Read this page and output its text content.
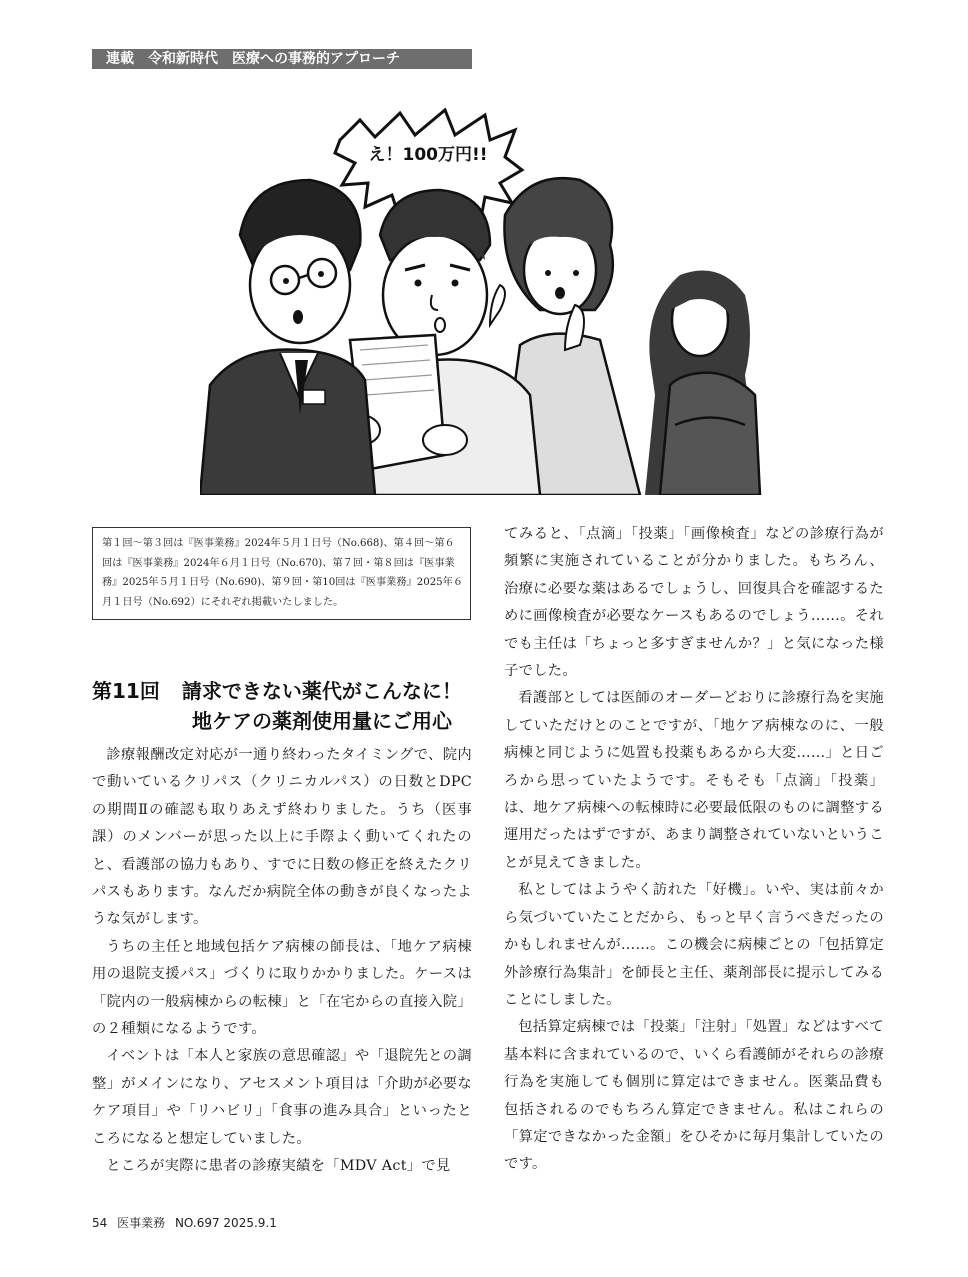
連載　令和新時代　医療への事務的アプローチ
え！100万円!!
第１回〜第３回は『医事業務』2024年５月１日号（No.668)、第４回〜第６回は『医事業務』2024年６月１日号（No.670)、第７回・第８回は『医事業務』2025年５月１日号（No.690)、第９回・第10回は『医事業務』2025年６月１日号（No.692）にそれぞれ掲載いたしました。
第11回 請求できない薬代がこんなに！
地ケアの薬剤使用量にご用心

診療報酬改定対応が一通り終わったタイミングで、院内で動いているクリパス（クリニカルパス）の日数とDPCの期間Ⅱの確認も取りあえず終わりました。うち（医事課）のメンバーが思った以上に手際よく動いてくれたのと、看護部の協力もあり、すでに日数の修正を終えたクリパスもあります。なんだか病院全体の動きが良くなったような気がします。

うちの主任と地域包括ケア病棟の師長は、「地ケア病棟用の退院支援パス」づくりに取りかかりました。ケースは「院内の一般病棟からの転棟」と「在宅からの直接入院」の２種類になるようです。

イベントは「本人と家族の意思確認」や「退院先との調整」がメインになり、アセスメント項目は「介助が必要なケア項目」や「リハビリ」「食事の進み具合」といったところになると想定していました。

ところが実際に患者の診療実績を「MDV Act」で見

てみると、「点滴」「投薬」「画像検査」などの診療行為が頻繁に実施されていることが分かりました。もちろん、治療に必要な薬はあるでしょうし、回復具合を確認するために画像検査が必要なケースもあるのでしょう……。それでも主任は「ちょっと多すぎませんか？」と気になった様子でした。

看護部としては医師のオーダーどおりに診療行為を実施していただけとのことですが、「地ケア病棟なのに、一般病棟と同じように処置も投薬もあるから大変……」と日ごろから思っていたようです。そもそも「点滴」「投薬」は、地ケア病棟への転棟時に必要最低限のものに調整する運用だったはずですが、あまり調整されていないということが見えてきました。

私としてはようやく訪れた「好機」。いや、実は前々から気づいていたことだから、もっと早く言うべきだったのかもしれませんが……。この機会に病棟ごとの「包括算定外診療行為集計」を師長と主任、薬剤部長に提示してみることにしました。

包括算定病棟では「投薬」「注射」「処置」などはすべて基本料に含まれているので、いくら看護師がそれらの診療行為を実施しても個別に算定はできません。医薬品費も包括されるのでもちろん算定できません。私はこれらの「算定できなかった金額」をひそかに毎月集計していたのです。

54 医事業務 NO.697 2025.9.1
